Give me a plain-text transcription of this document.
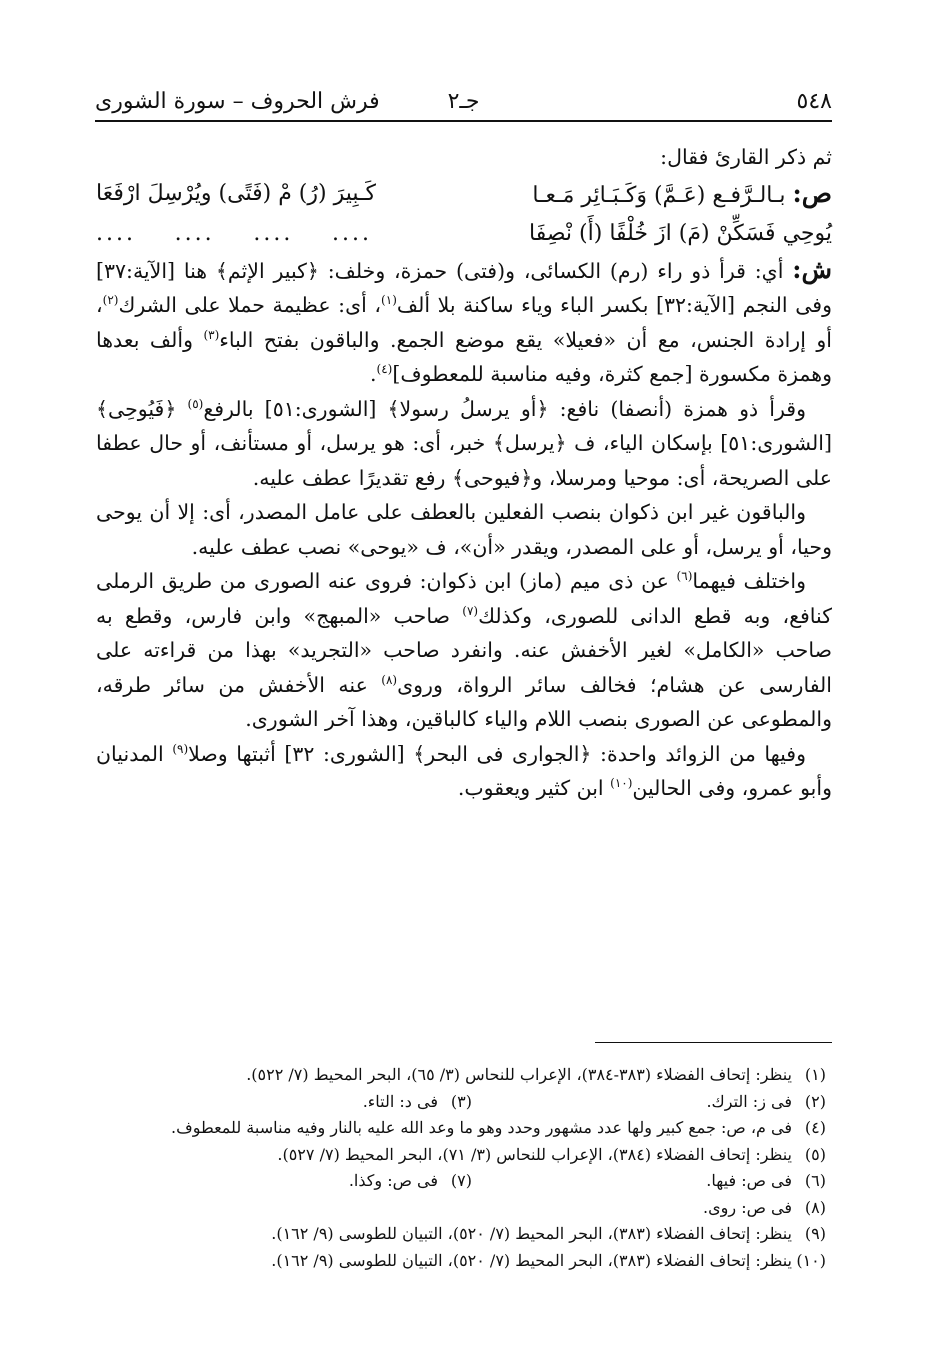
٥٤٨
جـ٢
فرش الحروف – سورة الشورى

ثم ذكر القارئ فقال:

ص: بـالـرَّفـع (عَـمَّ) وَكَـبَـائِر مَـعـا
كَـبِيرَ (رُ) مْ (فَتًى) ويُرْسِلَ ارْفَعَا
يُوحِي فَسَكِّنْ (مَ) ازَ خُلْفًا (أَ) نْصِفَا
....
....
....
....

ش: أي: قرأ ذو راء (رم) الكسائى، و(فتى) حمزة، وخلف: ﴿كبير الإثم﴾ هنا [الآية:٣٧] وفى النجم [الآية:٣٢] بكسر الباء وياء ساكنة بلا ألف$^{(١)}$، أى: عظيمة حملا على الشرك$^{(٢)}$، أو إرادة الجنس، مع أن «فعيلا» يقع موضع الجمع. والباقون بفتح الباء$^{(٣)}$ وألف بعدها وهمزة مكسورة [جمع كثرة، وفيه مناسبة للمعطوف]$^{(٤)}$.

وقرأ ذو همزة (أنصفا) نافع: ﴿أو يرسلُ رسولا﴾ [الشورى:٥١] بالرفع$^{(٥)}$ ﴿فَيُوحِى﴾ [الشورى:٥١] بإسكان الياء، ف ﴿يرسل﴾ خبر، أى: هو يرسل، أو مستأنف، أو حال عطفا على الصريحة، أى: موحيا ومرسلا، و﴿فيوحى﴾ رفع تقديرًا عطف عليه.

والباقون غير ابن ذكوان بنصب الفعلين بالعطف على عامل المصدر، أى: إلا أن يوحى وحيا، أو يرسل، أو على المصدر، ويقدر «أن»، ف «يوحى» نصب عطف عليه.

واختلف فيهما$^{(٦)}$ عن ذى ميم (ماز) ابن ذكوان: فروى عنه الصورى من طريق الرملى كنافع، وبه قطع الدانى للصورى، وكذلك$^{(٧)}$ صاحب «المبهج» وابن فارس، وقطع به صاحب «الكامل» لغير الأخفش عنه. وانفرد صاحب «التجريد» بهذا من قراءته على الفارسى عن هشام؛ فخالف سائر الرواة، وروى$^{(٨)}$ عنه الأخفش من سائر طرقه، والمطوعى عن الصورى بنصب اللام والياء كالباقين، وهذا آخر الشورى.

وفيها من الزوائد واحدة: ﴿الجوارى فى البحر﴾ [الشورى: ٣٢] أثبتها وصلا$^{(٩)}$ المدنيان وأبو عمرو، وفى الحالين$^{(١٠)}$ ابن كثير ويعقوب.

(١)
ينظر: إتحاف الفضلاء (٣٨٣-٣٨٤)، الإعراب للنحاس (٣/ ٦٥)، البحر المحيط (٧/ ٥٢٢).
(٢)
فى ز: الترك.
(٣)
فى د: التاء.
(٤)
فى م، ص: جمع كبير ولها عدد مشهور وحدد وهو ما وعد الله عليه بالنار وفيه مناسبة للمعطوف.
(٥)
ينظر: إتحاف الفضلاء (٣٨٤)، الإعراب للنحاس (٣/ ٧١)، البحر المحيط (٧/ ٥٢٧).
(٦)
فى ص: فيها.
(٧)
فى ص: وكذا.
(٨)
فى ص: روى.
(٩)
ينظر: إتحاف الفضلاء (٣٨٣)، البحر المحيط (٧/ ٥٢٠)، التبيان للطوسى (٩/ ١٦٢).
(١٠)
ينظر: إتحاف الفضلاء (٣٨٣)، البحر المحيط (٧/ ٥٢٠)، التبيان للطوسى (٩/ ١٦٢).
